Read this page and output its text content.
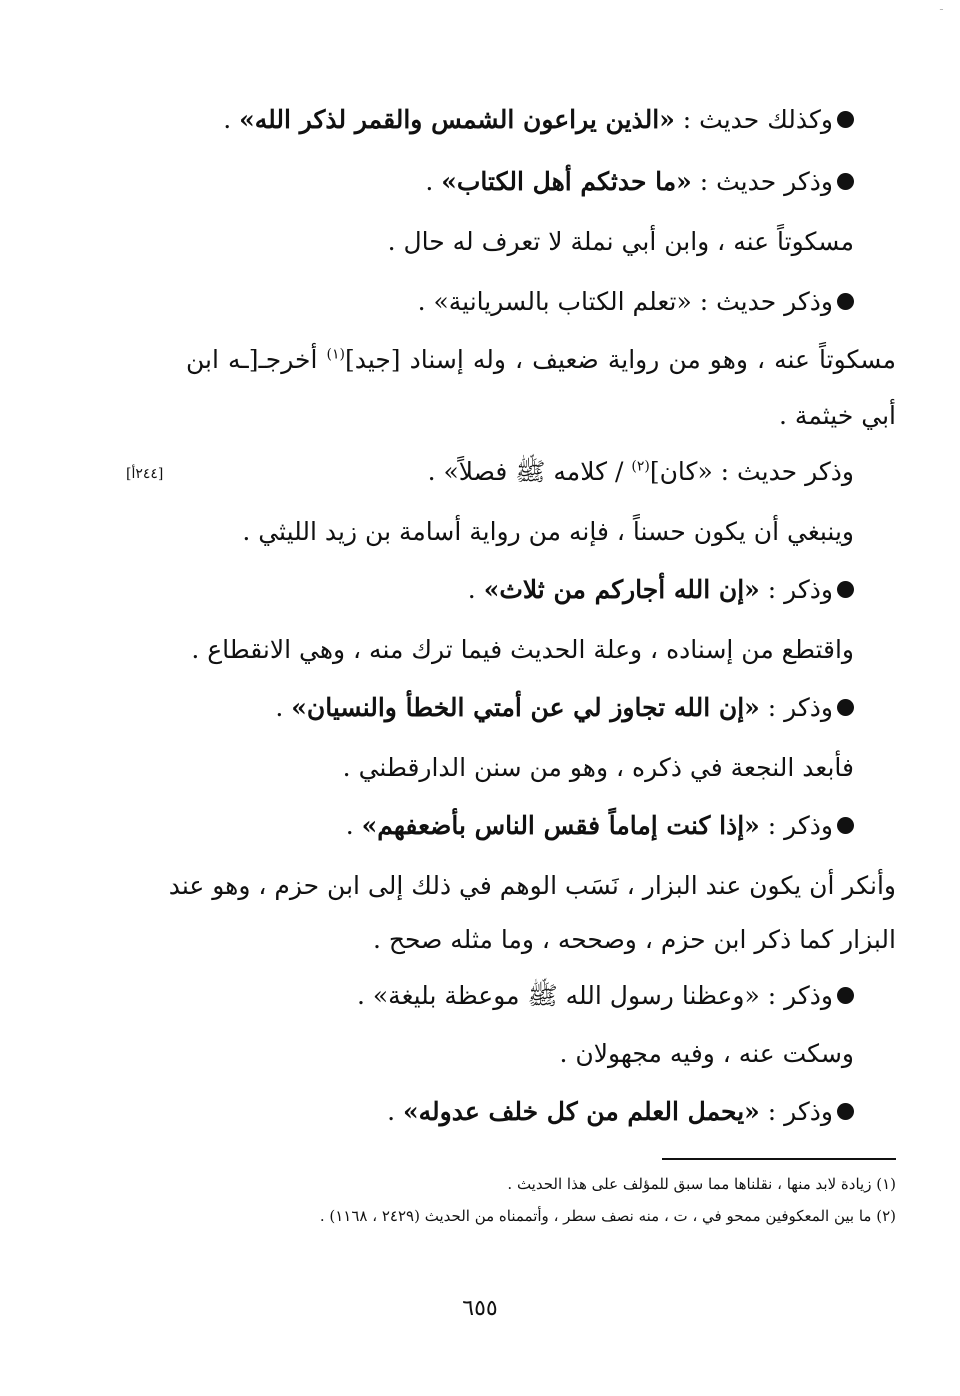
ـ
وكذلك حديث : «الذين يراعون الشمس والقمر لذكر الله» .
وذكر حديث : «ما حدثكم أهل الكتاب» .
مسكوتاً عنه ، وابن أبي نملة لا تعرف له حال .
وذكر حديث : «تعلم الكتاب بالسريانية» .
مسكوتاً عنه ، وهو من رواية ضعيف ، وله إسناد [جيد]$^{(١)}$ أخرجـ[ـه ابن
أبي خيثمة .
وذكر حديث : «كان]$^{(٢)}$ / كلامه ﷺ فصلاً» .
[٢٤٤أ]
وينبغي أن يكون حسناً ، فإنه من رواية أسامة بن زيد الليثي .
وذكر : «إن الله أجاركم من ثلاث» .
واقتطع من إسناده ، وعلة الحديث فيما ترك منه ، وهي الانقطاع .
وذكر : «إن الله تجاوز لي عن أمتي الخطأ والنسيان» .
فأبعد النجعة في ذكره ، وهو من سنن الدارقطني .
وذكر : «إذا كنت إماماً فقس الناس بأضعفهم» .
وأنكر أن يكون عند البزار ، نَسَب الوهم في ذلك إلى ابن حزم ، وهو عند
البزار كما ذكر ابن حزم ، وصححه ، وما مثله صحح .
وذكر : «وعظنا رسول الله ﷺ موعظة بليغة» .
وسكت عنه ، وفيه مجهولان .
وذكر : «يحمل العلم من كل خلف عدوله» .
(١) زيادة لابد منها ، نقلناها مما سبق للمؤلف على هذا الحديث .
(٢) ما بين المعكوفين ممحو في ، ت ، منه نصف سطر ، وأتممناه من الحديث (٢٤٢٩ ، ١١٦٨) .
٦٥٥
